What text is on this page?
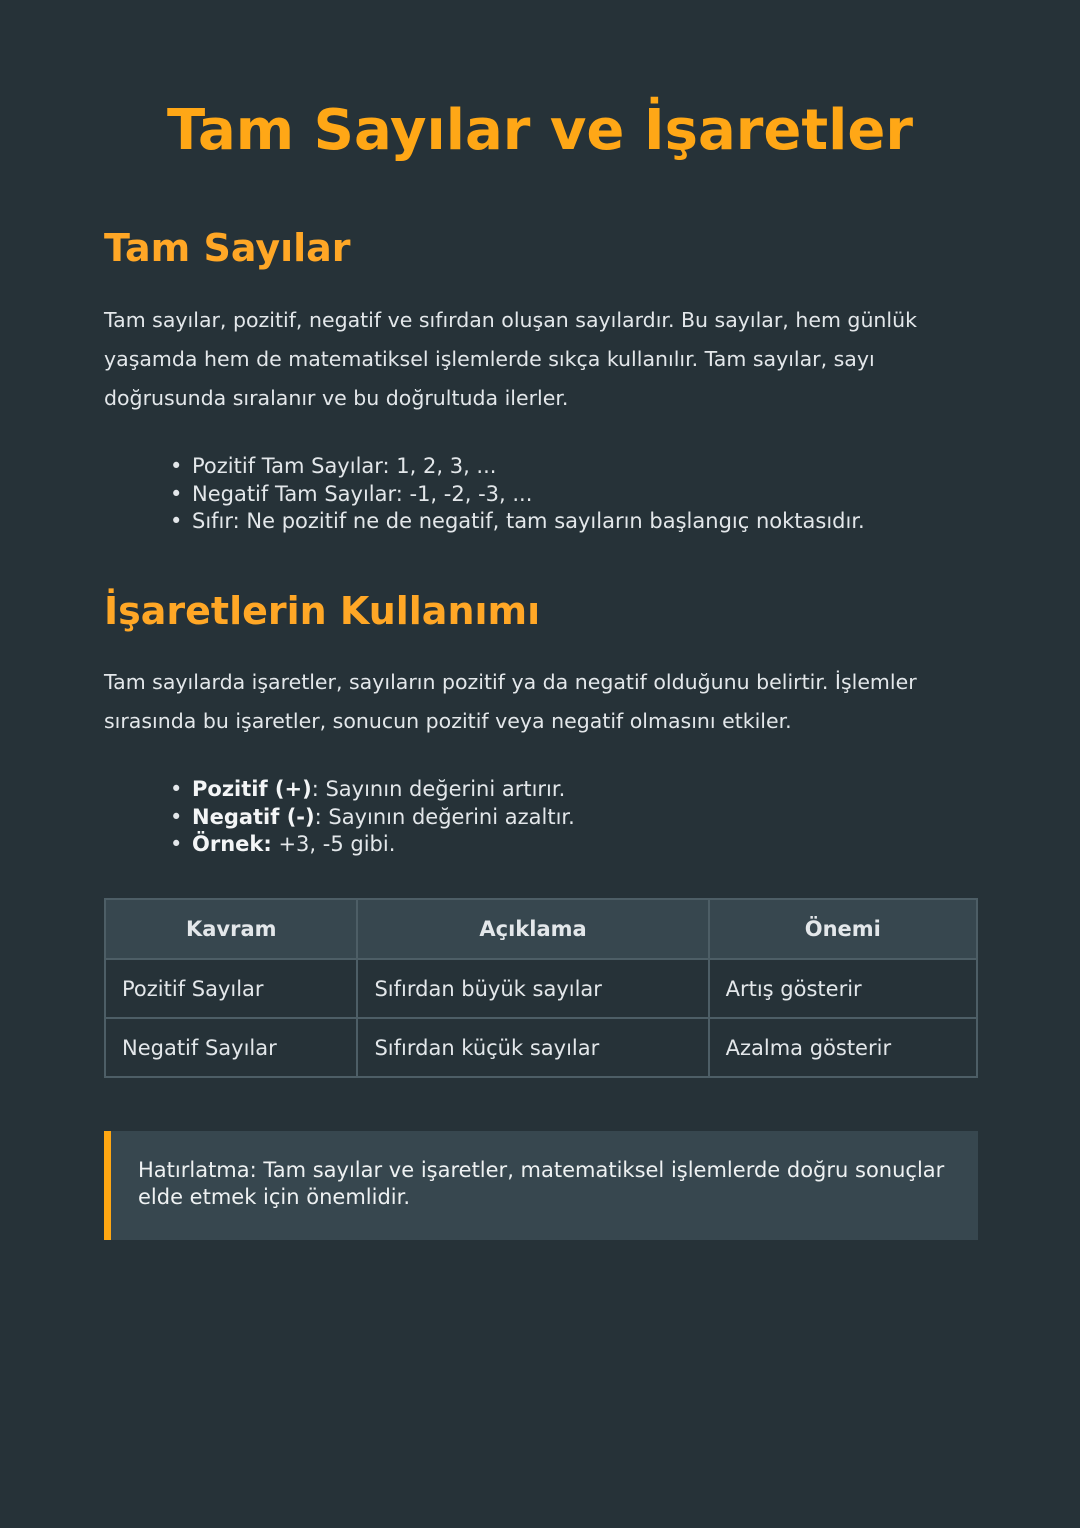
Tam Sayılar ve İşaretler
Tam Sayılar

Tam sayılar, pozitif, negatif ve sıfırdan oluşan sayılardır. Bu sayılar, hem günlük yaşamda hem de matematiksel işlemlerde sıkça kullanılır. Tam sayılar, sayı doğrusunda sıralanır ve bu doğrultuda ilerler.

• Pozitif Tam Sayılar: 1, 2, 3, ...
• Negatif Tam Sayılar: -1, -2, -3, ...
• Sıfır: Ne pozitif ne de negatif, tam sayıların başlangıç noktasıdır.
İşaretlerin Kullanımı

Tam sayılarda işaretler, sayıların pozitif ya da negatif olduğunu belirtir. İşlemler sırasında bu işaretler, sonucun pozitif veya negatif olmasını etkiler.

• Pozitif (+): Sayının değerini artırır.
• Negatif (-): Sayının değerini azaltır.
• Örnek: +3, -5 gibi.
Kavram	Açıklama	Önemi
Pozitif Sayılar	Sıfırdan büyük sayılar	Artış gösterir
Negatif Sayılar	Sıfırdan küçük sayılar	Azalma gösterir
Hatırlatma: Tam sayılar ve işaretler, matematiksel işlemlerde doğru sonuçlar elde etmek için önemlidir.
